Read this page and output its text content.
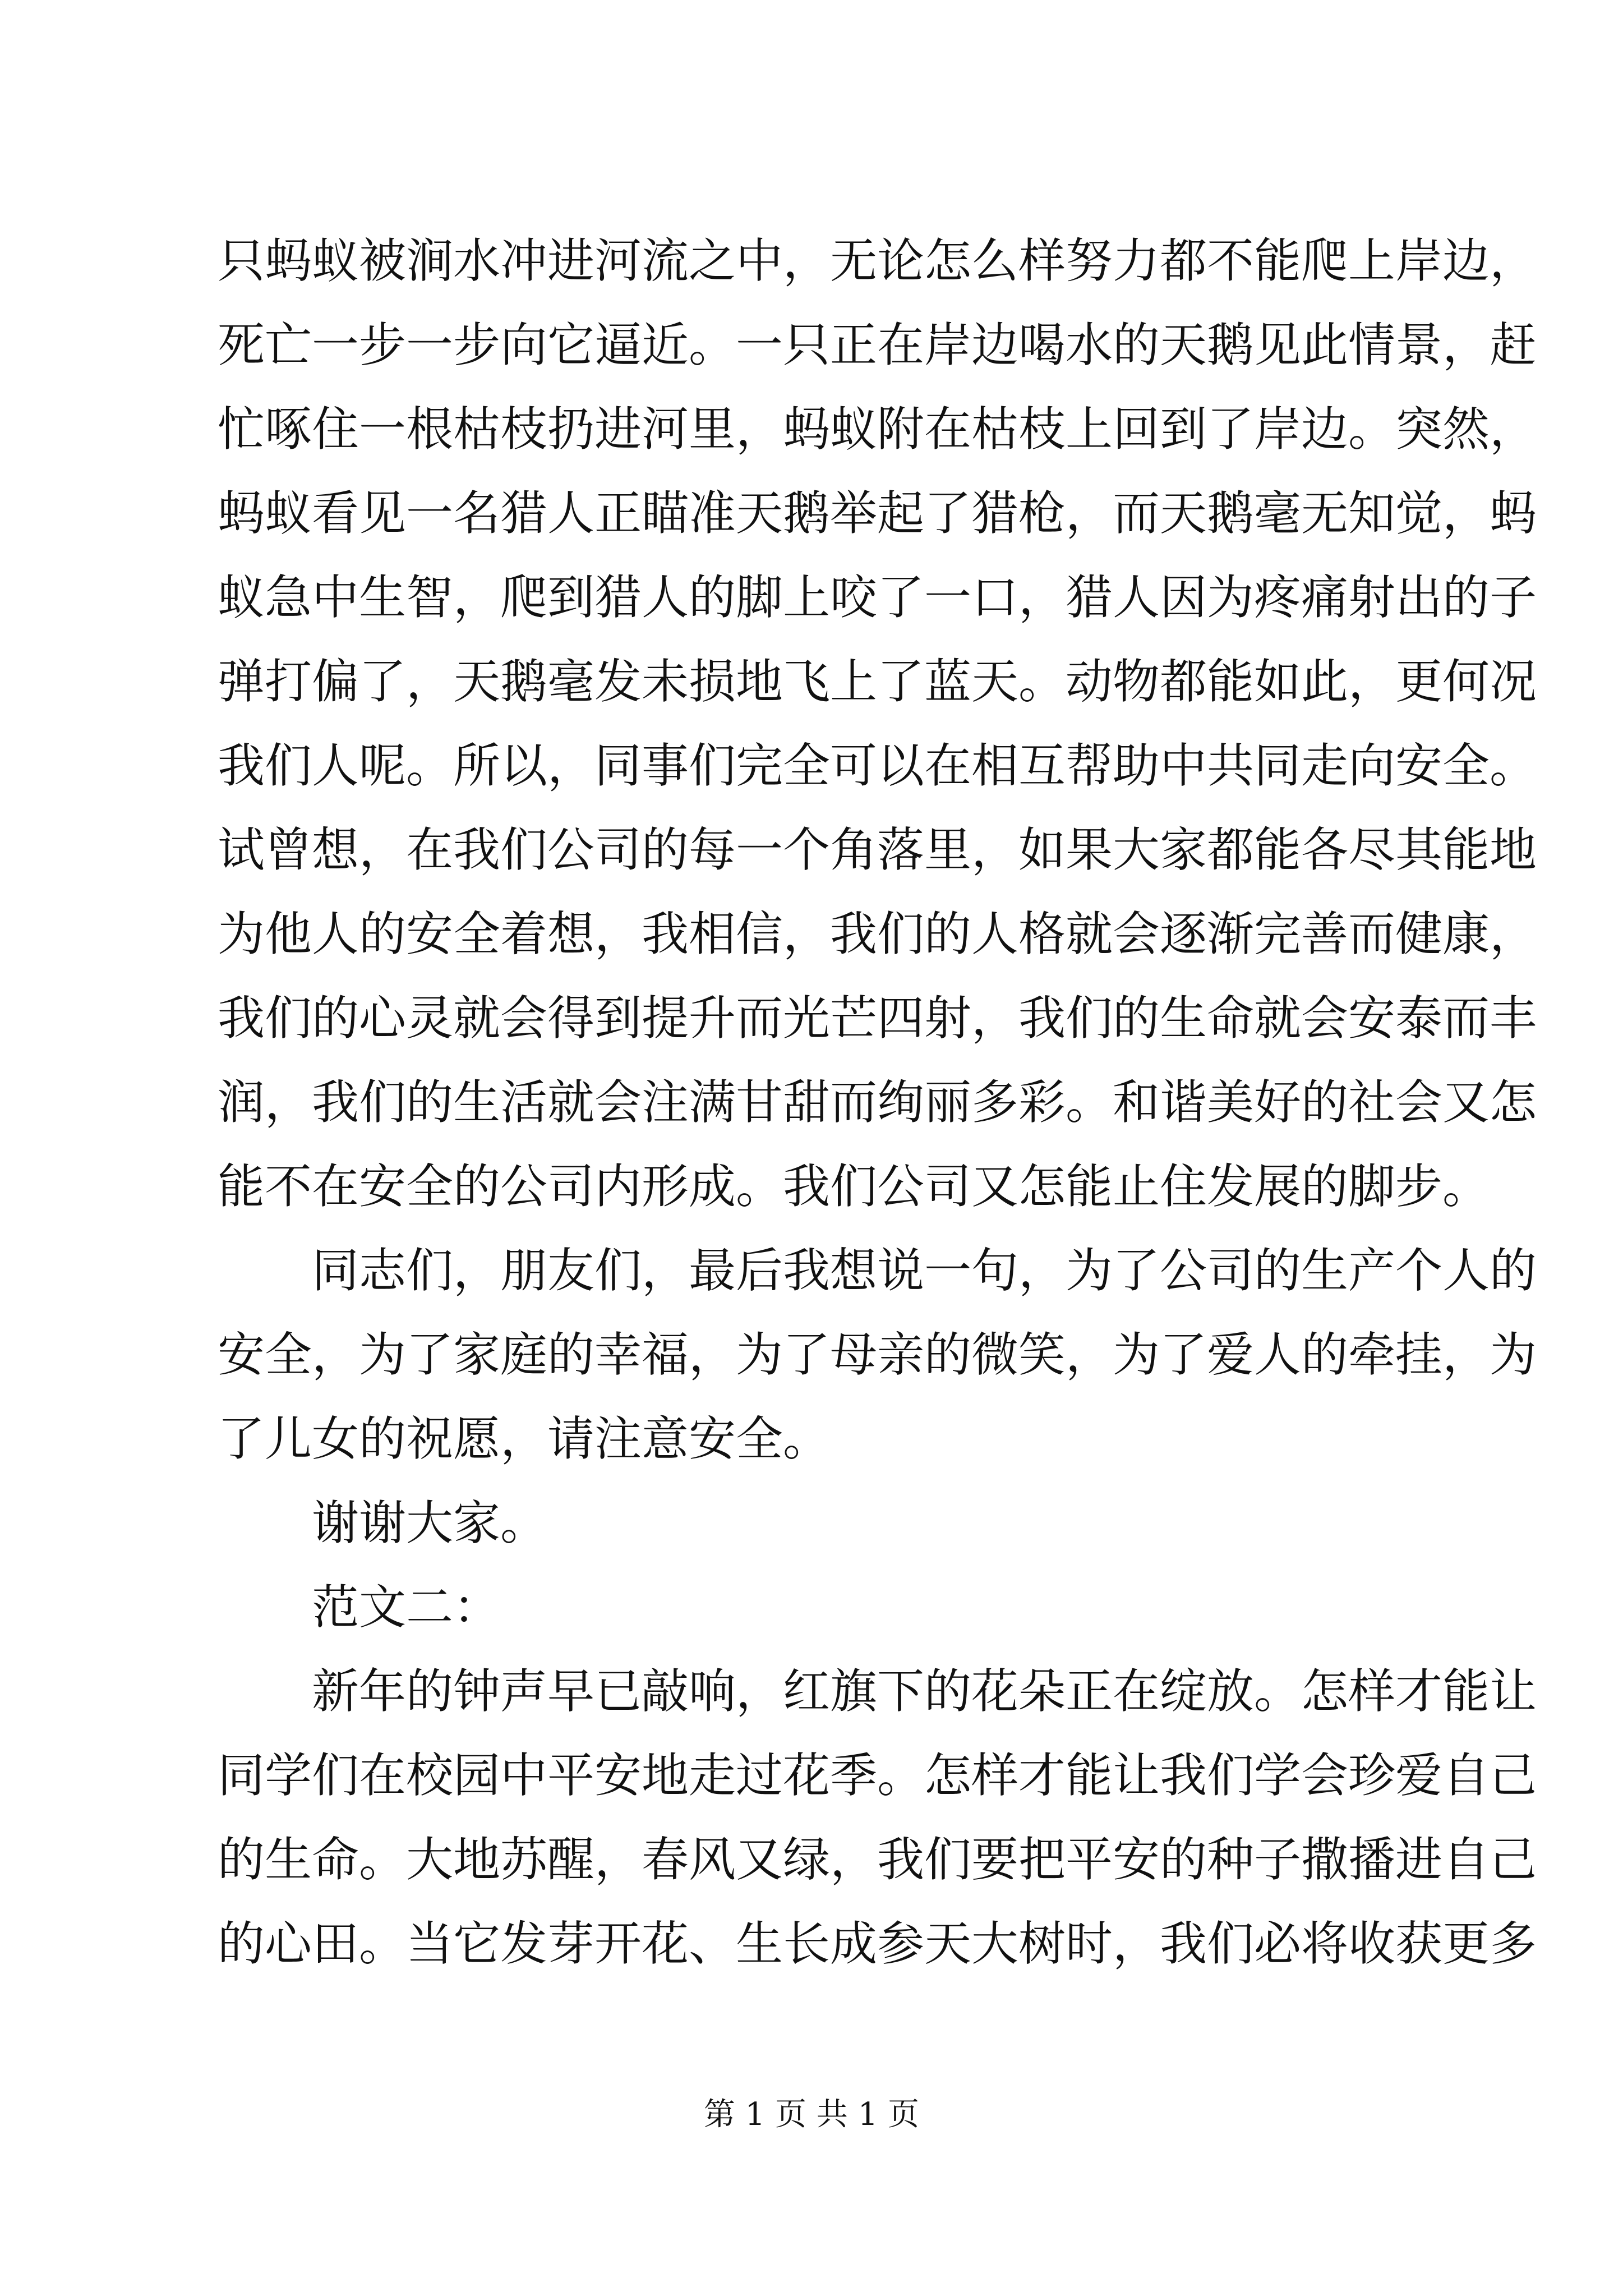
只蚂蚁被涧水冲进河流之中，无论怎么样努力都不能爬上岸边，
死亡一步一步向它逼近。一只正在岸边喝水的天鹅见此情景，赶
忙啄住一根枯枝扔进河里，蚂蚁附在枯枝上回到了岸边。突然，
蚂蚁看见一名猎人正瞄准天鹅举起了猎枪，而天鹅毫无知觉，蚂
蚁急中生智，爬到猎人的脚上咬了一口，猎人因为疼痛射出的子
弹打偏了，天鹅毫发未损地飞上了蓝天。动物都能如此，更何况
我们人呢。所以，同事们完全可以在相互帮助中共同走向安全。
试曾想，在我们公司的每一个角落里，如果大家都能各尽其能地
为他人的安全着想，我相信，我们的人格就会逐渐完善而健康，
我们的心灵就会得到提升而光芒四射，我们的生命就会安泰而丰
润，我们的生活就会注满甘甜而绚丽多彩。和谐美好的社会又怎
能不在安全的公司内形成。我们公司又怎能止住发展的脚步。
同志们，朋友们，最后我想说一句，为了公司的生产个人的
安全，为了家庭的幸福，为了母亲的微笑，为了爱人的牵挂，为
了儿女的祝愿，请注意安全。
谢谢大家。
范文二：
新年的钟声早已敲响，红旗下的花朵正在绽放。怎样才能让
同学们在校园中平安地走过花季。怎样才能让我们学会珍爱自己
的生命。大地苏醒，春风又绿，我们要把平安的种子撒播进自己
的心田。当它发芽开花、生长成参天大树时，我们必将收获更多
第 1 页 共 1 页
